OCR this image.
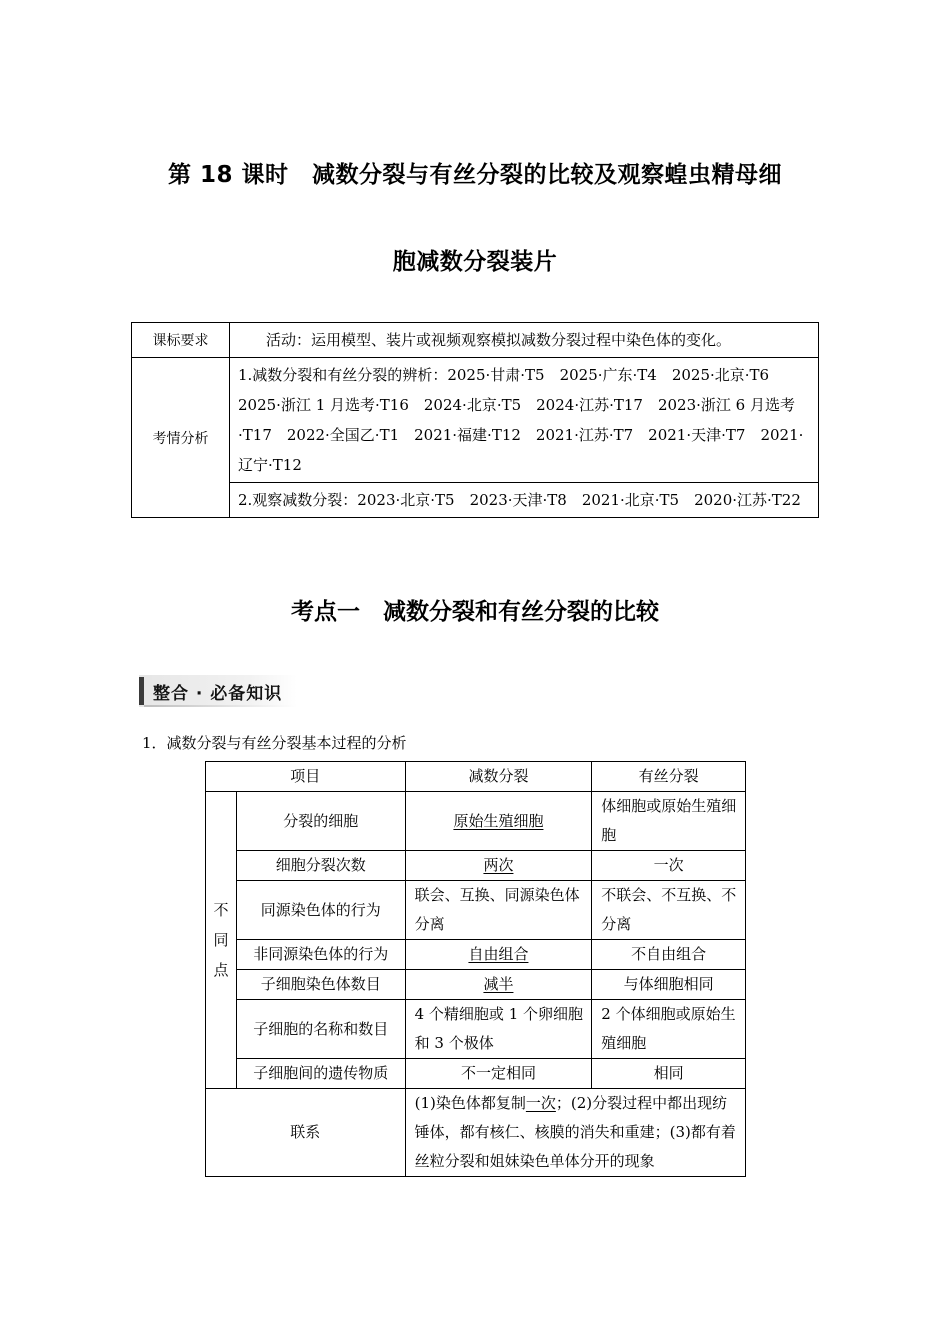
第 18 课时　减数分裂与有丝分裂的比较及观察蝗虫精母细
胞减数分裂装片
课标要求	活动：运用模型、装片或视频观察模拟减数分裂过程中染色体的变化。
考情分析	1.减数分裂和有丝分裂的辨析：2025·甘肃·T5　2025·广东·T4　2025·北京·T6　2025·浙江 1 月选考·T16　2024·北京·T5　2024·江苏·T17　2023·浙江 6 月选考·T17　2022·全国乙·T1　2021·福建·T12　2021·江苏·T7　2021·天津·T7　2021·辽宁·T12
	2.观察减数分裂：2023·北京·T5　2023·天津·T8　2021·北京·T5　2020·江苏·T22
考点一　减数分裂和有丝分裂的比较
整合 · 必备知识
1．减数分裂与有丝分裂基本过程的分析
项目		减数分裂	有丝分裂
不同点	分裂的细胞	原始生殖细胞	体细胞或原始生殖细胞
	细胞分裂次数	两次	一次
	同源染色体的行为	联会、互换、同源染色体分离	不联会、不互换、不分离
	非同源染色体的行为	自由组合	不自由组合
	子细胞染色体数目	减半	与体细胞相同
	子细胞的名称和数目	4 个精细胞或 1 个卵细胞和 3 个极体	2 个体细胞或原始生殖细胞
	子细胞间的遗传物质	不一定相同	相同
联系		(1)染色体都复制一次；(2)分裂过程中都出现纺锤体，都有核仁、核膜的消失和重建；(3)都有着丝粒分裂和姐妹染色单体分开的现象	
